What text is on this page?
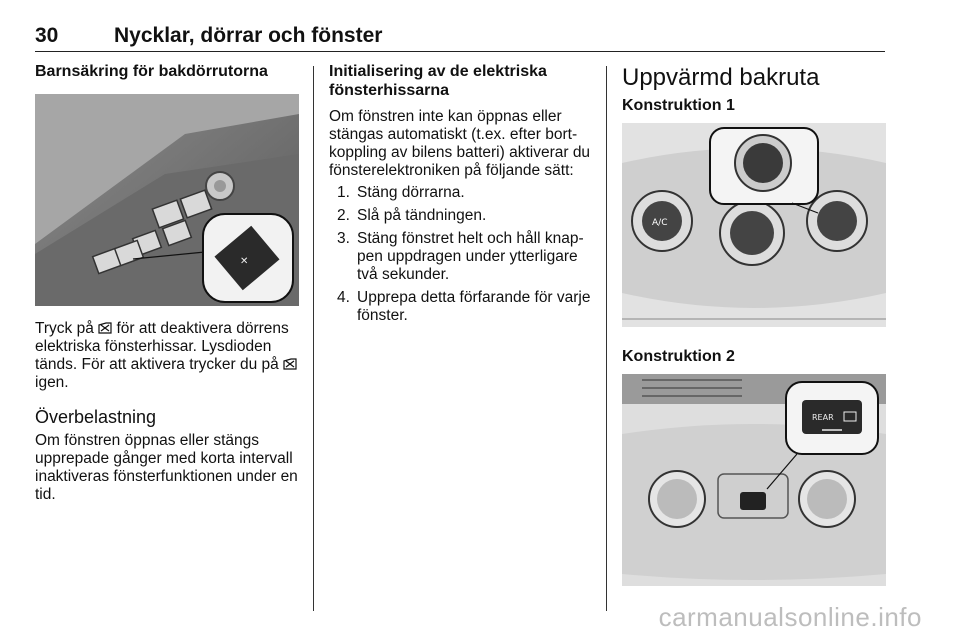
30	Nycklar, dörrar och fönster
Barnsäkring för bakdörrutorna
✕

Tryck på för att deaktivera dörrens elektriska fönsterhissar. Lysdioden tänds. För att aktivera trycker du på  igen.

Överbelastning

Om fönstren öppnas eller stängs upprepade gånger med korta intervall inaktiveras fönsterfunktionen under en tid.

Initialisering av de elektriska fönsterhissarna

Om fönstren inte kan öppnas eller stängas automatiskt (t.ex. efter bort-koppling av bilens batteri) aktiverar du fönsterelektroniken på följande sätt:

1. Stäng dörrarna.
2. Slå på tändningen.
3. Stäng fönstret helt och håll knap-pen uppdragen under ytterligare två sekunder.
4. Upprepa detta förfarande för varje fönster.
Uppvärmd bakruta
Konstruktion 1
A/C
Konstruktion 2
REAR
carmanualsonline.info
